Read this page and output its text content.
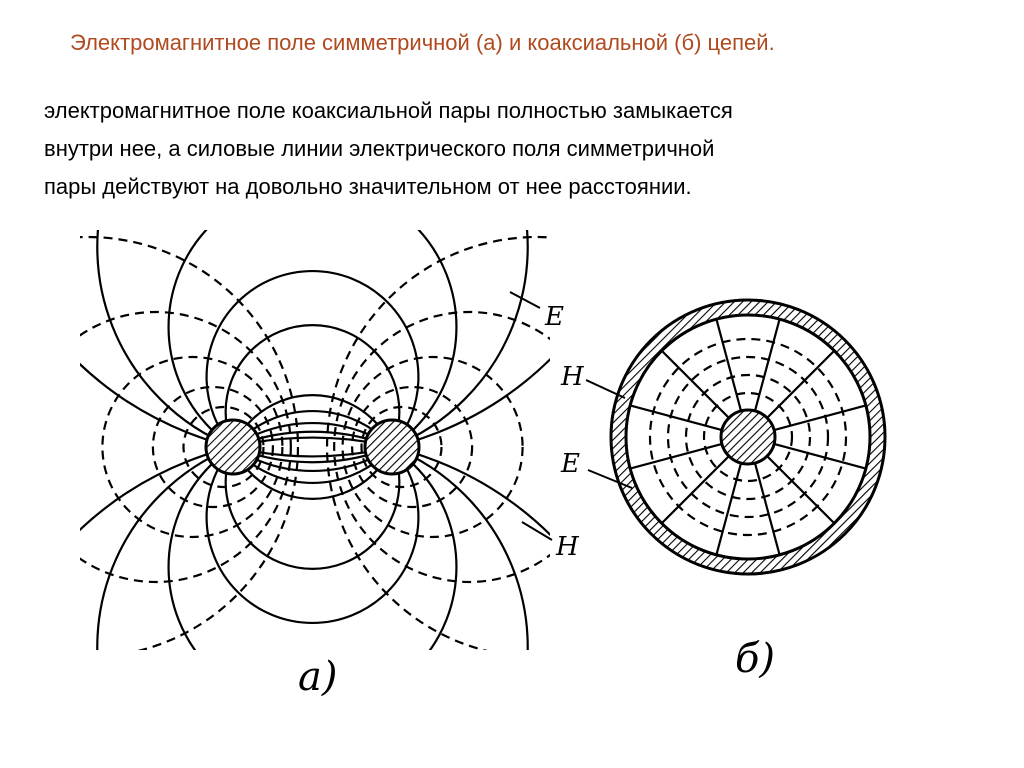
Электромагнитное поле симметричной (а) и коаксиальной (б) цепей.
электромагнитное поле коаксиальной пары полностью замыкается
внутри нее, а силовые линии электрического поля симметричной
пары действуют на довольно значительном от нее расстоянии.
E
H
а)
H
E
б)
